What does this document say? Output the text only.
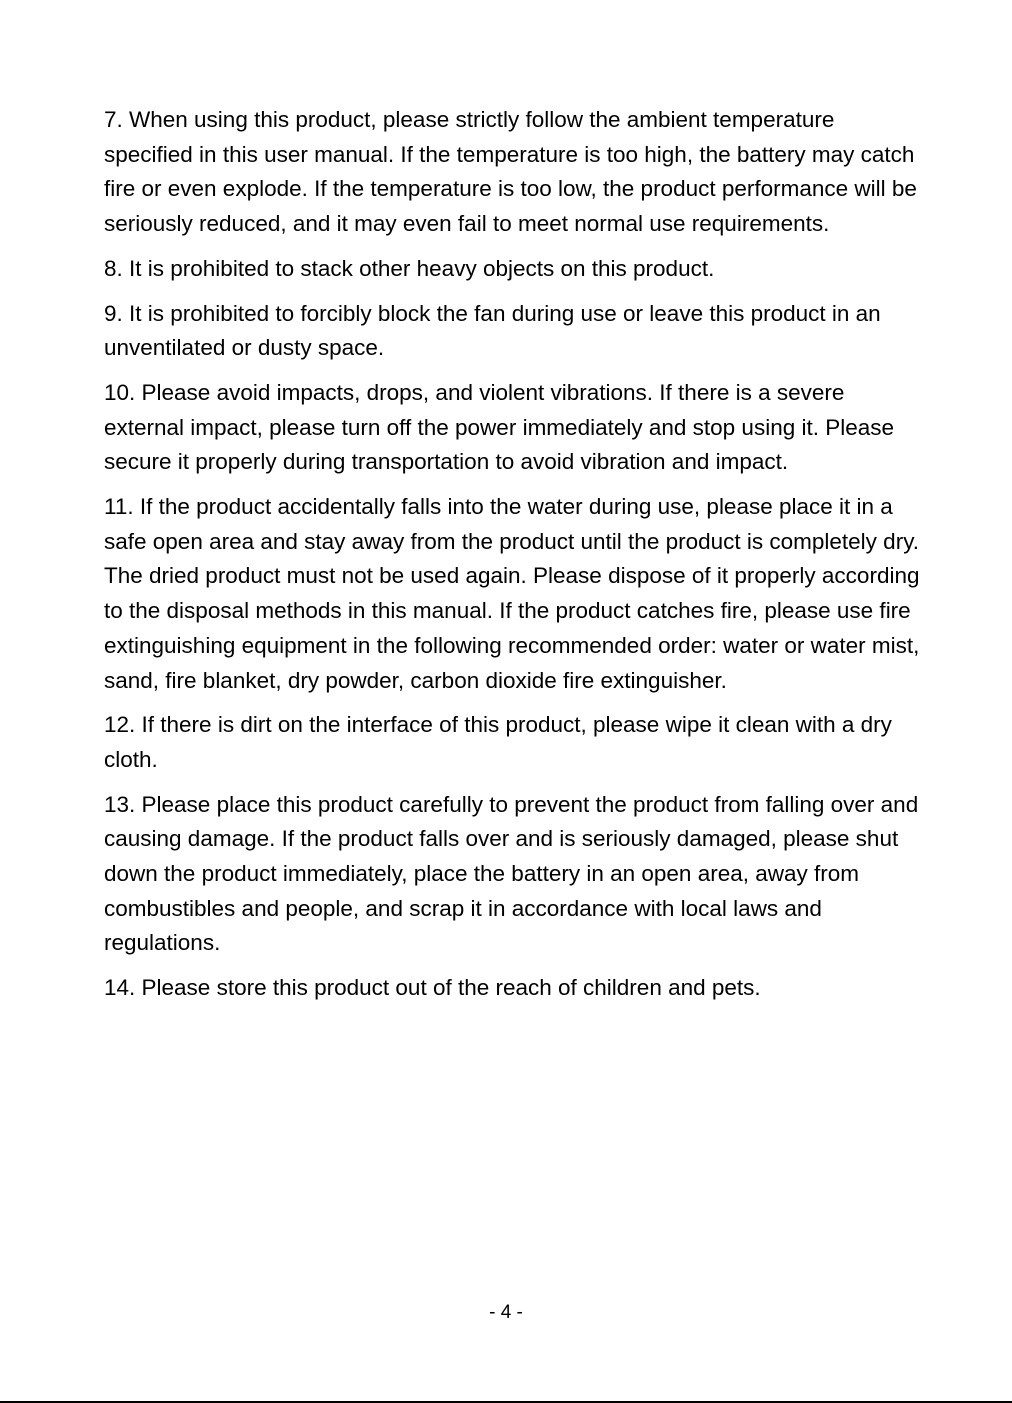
7. When using this product, please strictly follow the ambient temperature specified in this user manual. If the temperature is too high, the battery may catch fire or even explode. If the temperature is too low, the product performance will be seriously reduced, and it may even fail to meet normal use requirements.

8. It is prohibited to stack other heavy objects on this product.

9. It is prohibited to forcibly block the fan during use or leave this product in an unventilated or dusty space.

10. Please avoid impacts, drops, and violent vibrations. If there is a severe external impact, please turn off the power immediately and stop using it. Please secure it properly during transportation to avoid vibration and impact.

11. If the product accidentally falls into the water during use, please place it in a safe open area and stay away from the product until the product is completely dry. The dried product must not be used again. Please dispose of it properly according to the disposal methods in this manual. If the product catches fire, please use fire extinguishing equipment in the following recommended order: water or water mist, sand, fire blanket, dry powder, carbon dioxide fire extinguisher.

12. If there is dirt on the interface of this product, please wipe it clean with a dry cloth.

13. Please place this product carefully to prevent the product from falling over and causing damage. If the product falls over and is seriously damaged, please shut down the product immediately, place the battery in an open area, away from combustibles and people, and scrap it in accordance with local laws and regulations.

14. Please store this product out of the reach of children and pets.

- 4 -
